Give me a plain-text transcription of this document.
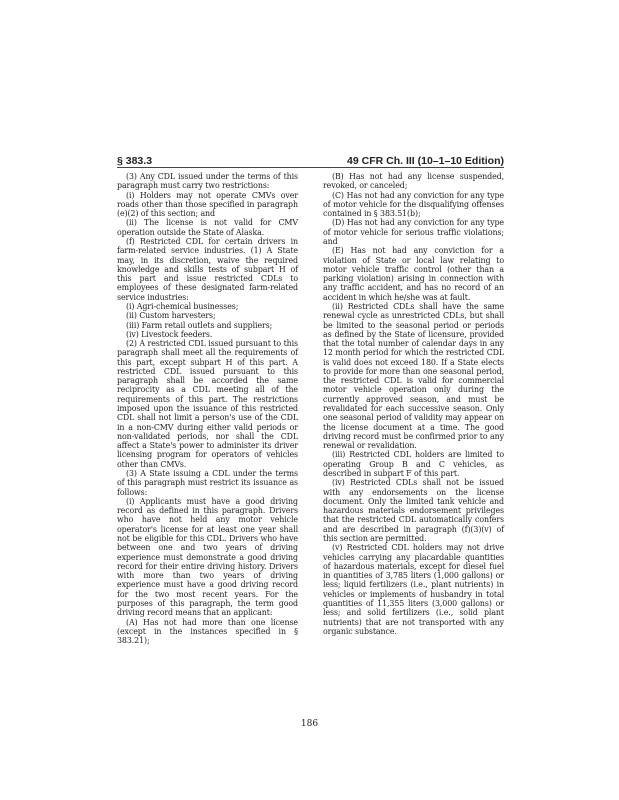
§ 383.3	49 CFR Ch. III (10–1–10 Edition)

(3) Any CDL issued under the terms of this paragraph must carry two restrictions:

(i) Holders may not operate CMVs over roads other than those specified in paragraph (e)(2) of this section; and

(ii) The license is not valid for CMV operation outside the State of Alaska.

(f) Restricted CDL for certain drivers in farm-related service industries. (1) A State may, in its discretion, waive the required knowledge and skills tests of subpart H of this part and issue restricted CDLs to employees of these designated farm-related service industries:

(i) Agri-chemical businesses;

(ii) Custom harvesters;

(iii) Farm retail outlets and suppliers;

(iv) Livestock feeders.

(2) A restricted CDL issued pursuant to this paragraph shall meet all the requirements of this part, except subpart H of this part. A restricted CDL issued pursuant to this paragraph shall be accorded the same reciprocity as a CDL meeting all of the requirements of this part. The restrictions imposed upon the issuance of this restricted CDL shall not limit a person's use of the CDL in a non-CMV during either valid periods or non-validated periods, nor shall the CDL affect a State's power to administer its driver licensing program for operators of vehicles other than CMVs.

(3) A State issuing a CDL under the terms of this paragraph must restrict its issuance as follows:

(i) Applicants must have a good driving record as defined in this paragraph. Drivers who have not held any motor vehicle operator's license for at least one year shall not be eligible for this CDL. Drivers who have between one and two years of driving experience must demonstrate a good driving record for their entire driving history. Drivers with more than two years of driving experience must have a good driving record for the two most recent years. For the purposes of this paragraph, the term good driving record means that an applicant:

(A) Has not had more than one license (except in the instances specified in § 383.21);

(B) Has not had any license suspended, revoked, or canceled;

(C) Has not had any conviction for any type of motor vehicle for the disqualifying offenses contained in § 383.51(b);

(D) Has not had any conviction for any type of motor vehicle for serious traffic violations; and

(E) Has not had any conviction for a violation of State or local law relating to motor vehicle traffic control (other than a parking violation) arising in connection with any traffic accident, and has no record of an accident in which he/she was at fault.

(ii) Restricted CDLs shall have the same renewal cycle as unrestricted CDLs, but shall be limited to the seasonal period or periods as defined by the State of licensure, provided that the total number of calendar days in any 12 month period for which the restricted CDL is valid does not exceed 180. If a State elects to provide for more than one seasonal period, the restricted CDL is valid for commercial motor vehicle operation only during the currently approved season, and must be revalidated for each successive season. Only one seasonal period of validity may appear on the license document at a time. The good driving record must be confirmed prior to any renewal or revalidation.

(iii) Restricted CDL holders are limited to operating Group B and C vehicles, as described in subpart F of this part.

(iv) Restricted CDLs shall not be issued with any endorsements on the license document. Only the limited tank vehicle and hazardous materials endorsement privileges that the restricted CDL automatically confers and are described in paragraph (f)(3)(v) of this section are permitted.

(v) Restricted CDL holders may not drive vehicles carrying any placardable quantities of hazardous materials, except for diesel fuel in quantities of 3,785 liters (1,000 gallons) or less; liquid fertilizers (i.e., plant nutrients) in vehicles or implements of husbandry in total quantities of 11,355 liters (3,000 gallons) or less; and solid fertilizers (i.e., solid plant nutrients) that are not transported with any organic substance.

186
